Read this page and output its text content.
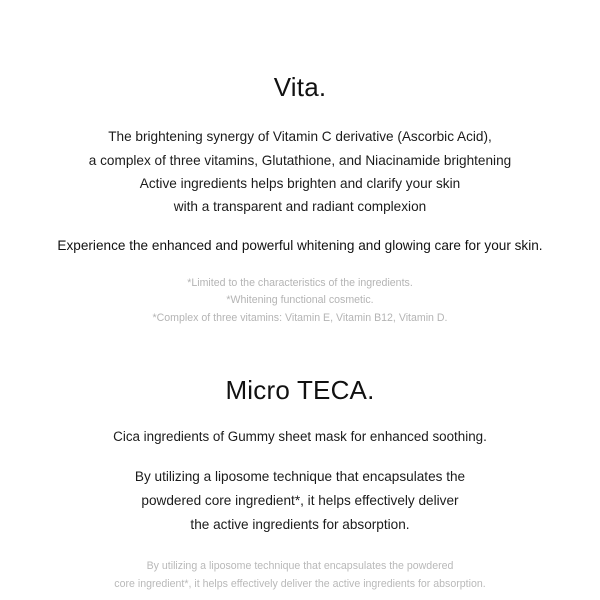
Vita.
The brightening synergy of Vitamin C derivative (Ascorbic Acid),
a complex of three vitamins, Glutathione, and Niacinamide brightening
Active ingredients helps brighten and clarify your skin
with a transparent and radiant complexion
Experience the enhanced and powerful whitening and glowing care for your skin.
*Limited to the characteristics of the ingredients.
*Whitening functional cosmetic.
*Complex of three vitamins: Vitamin E, Vitamin B12, Vitamin D.
Micro TECA.
Cica ingredients of Gummy sheet mask for enhanced soothing.
By utilizing a liposome technique that encapsulates the
powdered core ingredient*, it helps effectively deliver
the active ingredients for absorption.
By utilizing a liposome technique that encapsulates the powdered
core ingredient*, it helps effectively deliver the active ingredients for absorption.
